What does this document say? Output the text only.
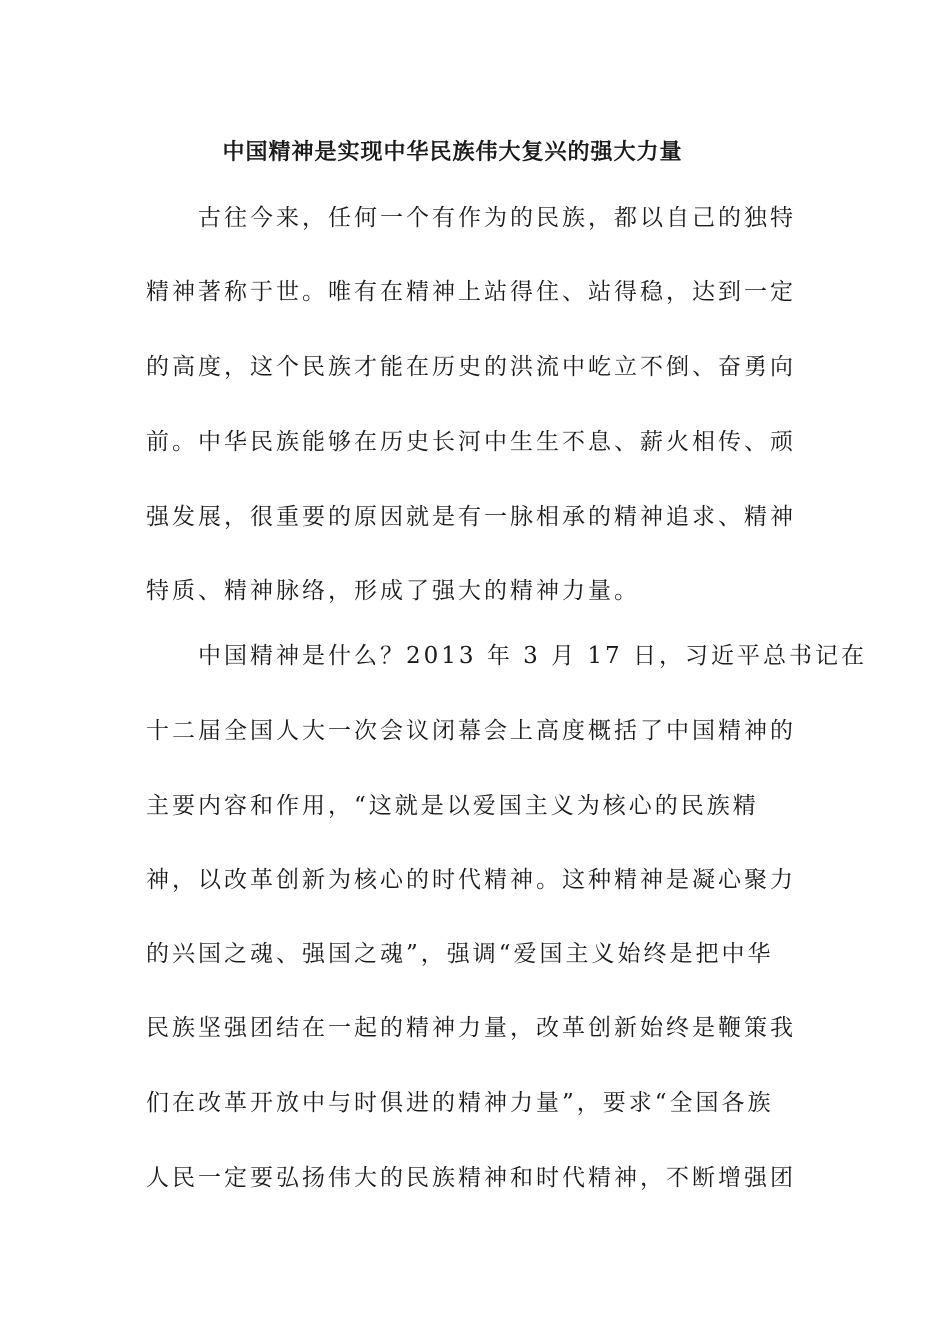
中国精神是实现中华民族伟大复兴的强大力量
古往今来，任何一个有作为的民族，都以自己的独特
精神著称于世。唯有在精神上站得住、站得稳，达到一定
的高度，这个民族才能在历史的洪流中屹立不倒、奋勇向
前。中华民族能够在历史长河中生生不息、薪火相传、顽
强发展，很重要的原因就是有一脉相承的精神追求、精神
特质、精神脉络，形成了强大的精神力量。
中国精神是什么？2013 年 3 月 17 日，习近平总书记在
十二届全国人大一次会议闭幕会上高度概括了中国精神的
主要内容和作用，“这就是以爱国主义为核心的民族精
神，以改革创新为核心的时代精神。这种精神是凝心聚力
的兴国之魂、强国之魂”，强调“爱国主义始终是把中华
民族坚强团结在一起的精神力量，改革创新始终是鞭策我
们在改革开放中与时俱进的精神力量”，要求“全国各族
人民一定要弘扬伟大的民族精神和时代精神，不断增强团
